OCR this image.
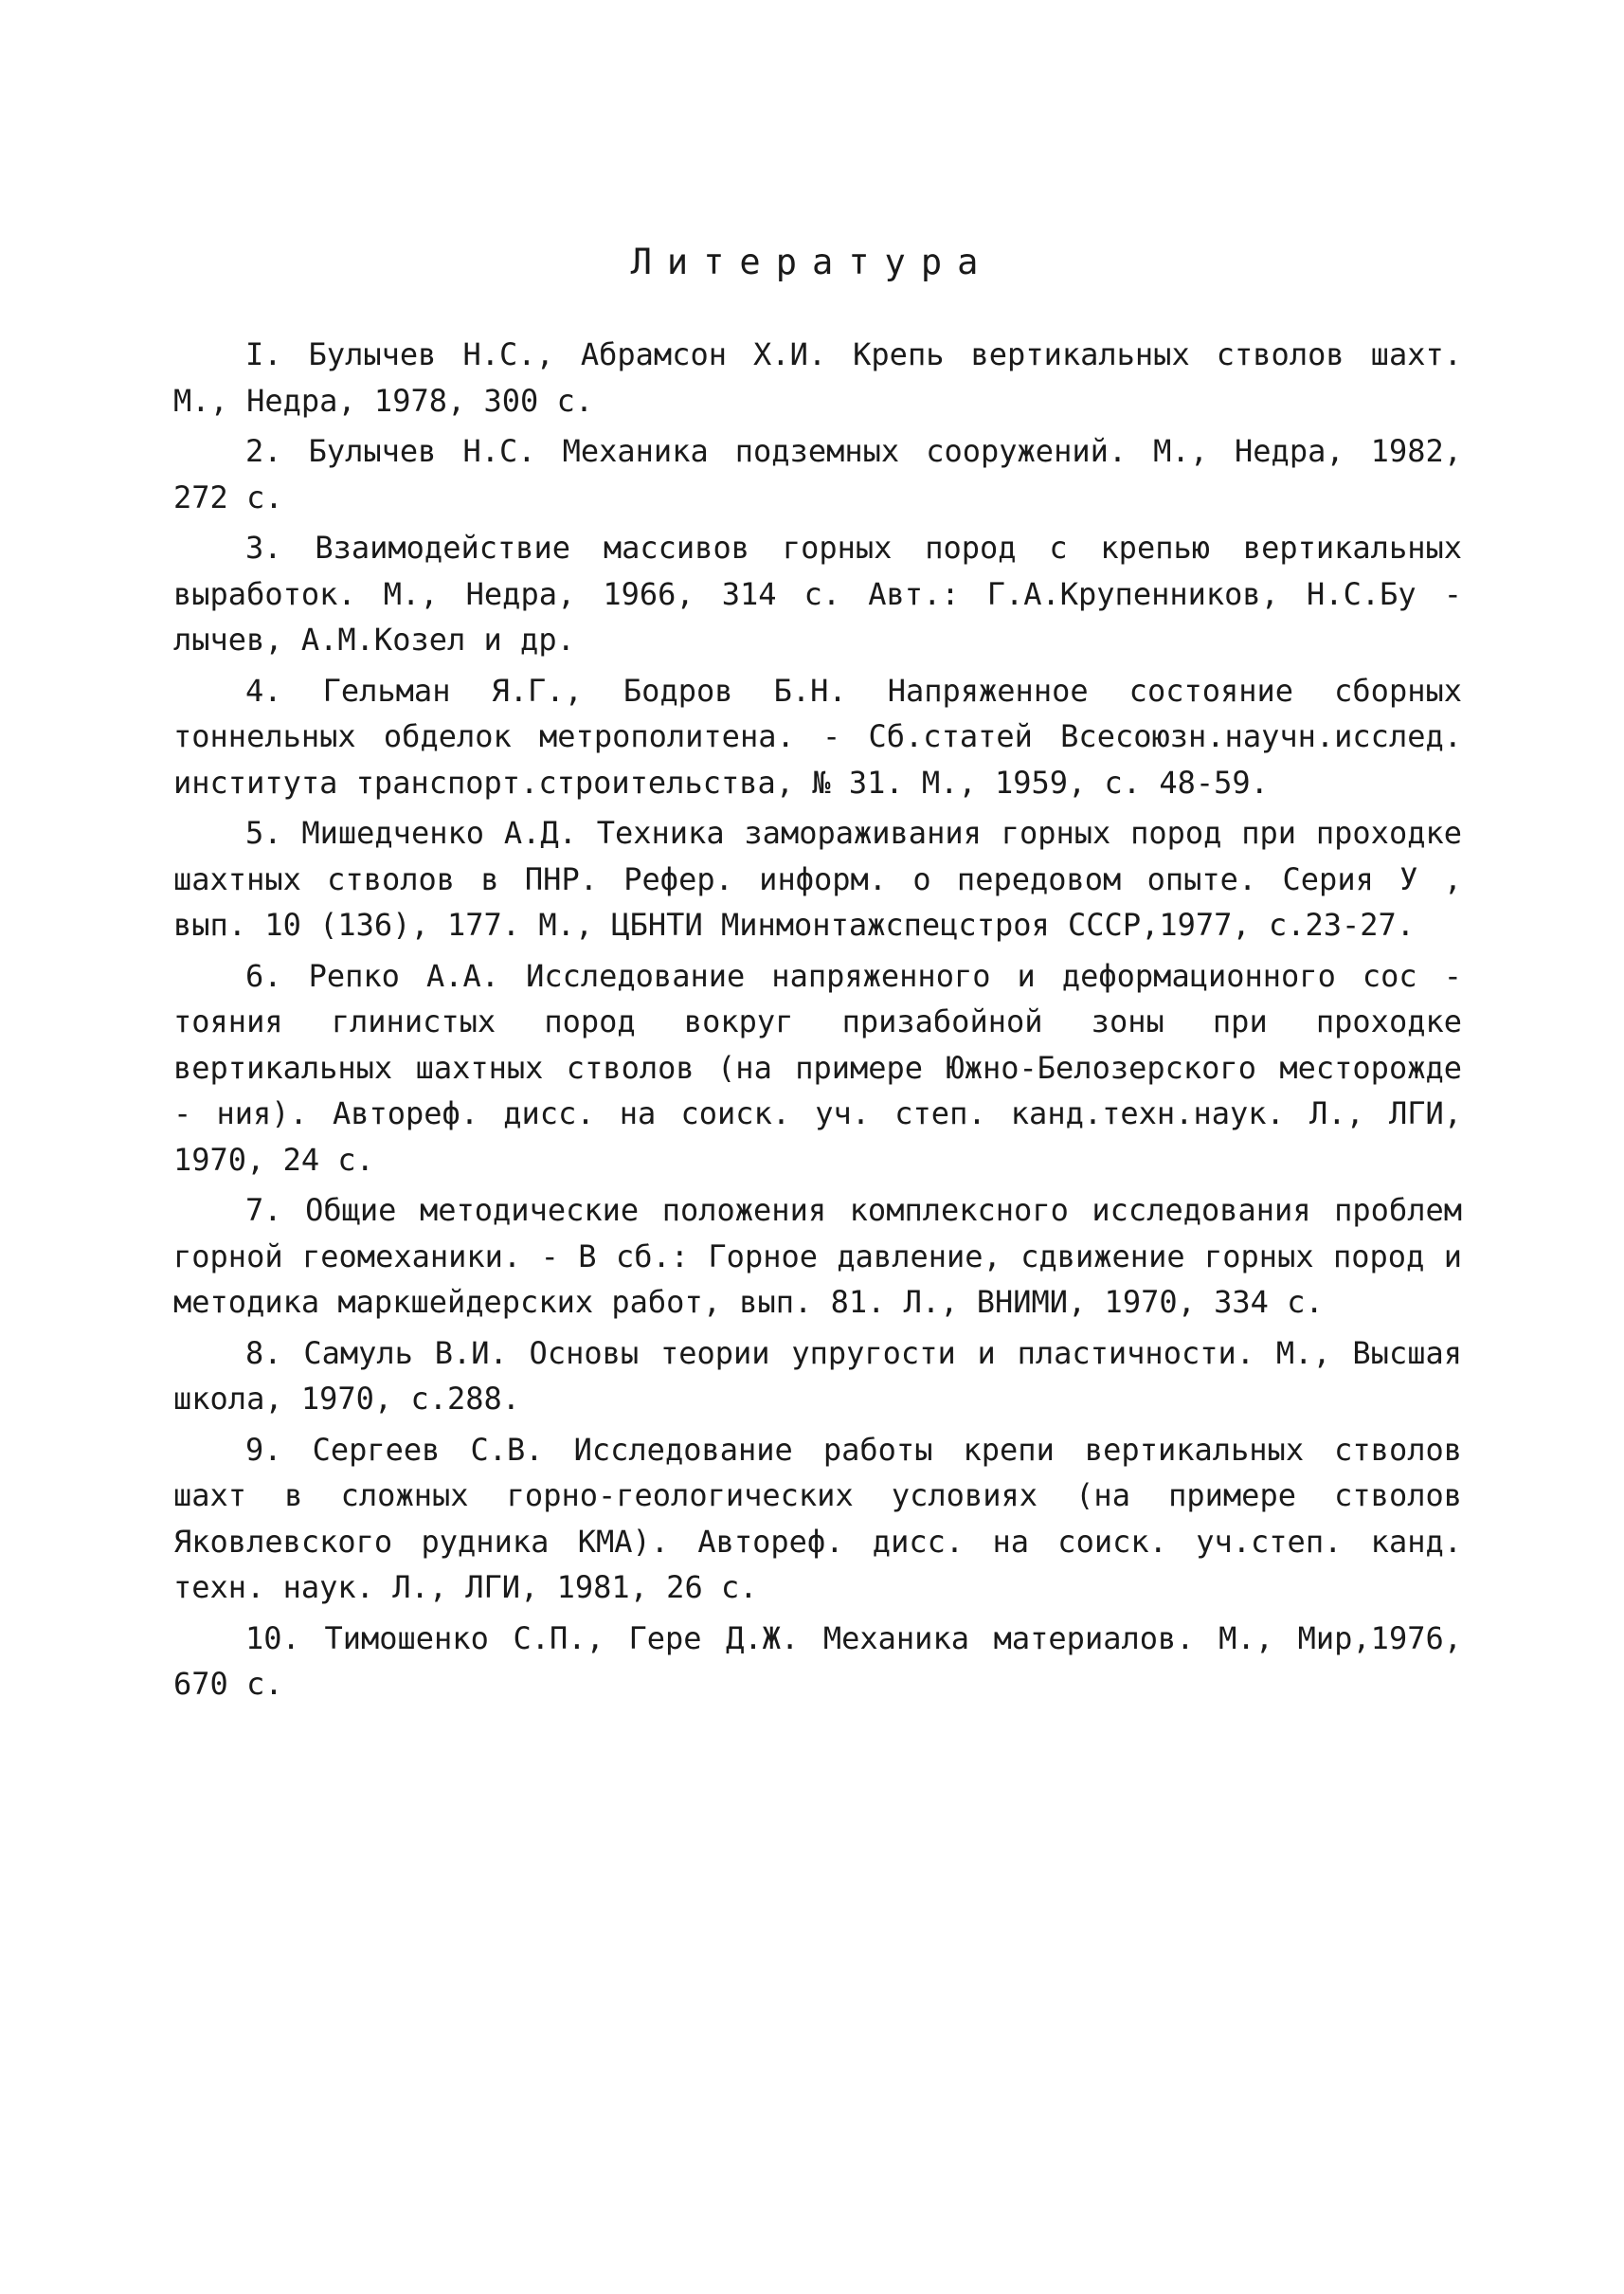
Литература
I. Булычев Н.С., Абрамсон Х.И. Крепь вертикальных стволов шахт. М., Недра, 1978, 300 с.
2. Булычев Н.С. Механика подземных сооружений. М., Недра, 1982, 272 с.
3. Взаимодействие массивов горных пород с крепью вертикальных выработок. М., Недра, 1966, 314 с. Авт.: Г.А.Крупенников, Н.С.Бу - лычев, А.М.Козел и др.
4. Гельман Я.Г., Бодров Б.Н. Напряженное состояние сборных тоннельных обделок метрополитена. - Сб.статей Всесоюзн.научн.исслед. института транспорт.строительства, № 31. М., 1959, с. 48-59.
5. Мишедченко А.Д. Техника замораживания горных пород при проходке шахтных стволов в ПНР. Рефер. информ. о передовом опыте. Серия У , вып. 10 (136), 177. М., ЦБНТИ Минмонтажспецстроя СССР,1977, с.23-27.
6. Репко А.А. Исследование напряженного и деформационного сос - тояния глинистых пород вокруг призабойной зоны при проходке вертикальных шахтных стволов (на примере Южно-Белозерского месторожде - ния). Автореф. дисс. на соиск. уч. степ. канд.техн.наук. Л., ЛГИ, 1970, 24 с.
7. Общие методические положения комплексного исследования проблем горной геомеханики. - В сб.: Горное давление, сдвижение горных пород и методика маркшейдерских работ, вып. 81. Л., ВНИМИ, 1970, 334 с.
8. Самуль В.И. Основы теории упругости и пластичности. М., Высшая школа, 1970, с.288.
9. Сергеев С.В. Исследование работы крепи вертикальных стволов шахт в сложных горно-геологических условиях (на примере стволов Яковлевского рудника КМА). Автореф. дисс. на соиск. уч.степ. канд. техн. наук. Л., ЛГИ, 1981, 26 с.
10. Тимошенко С.П., Гере Д.Ж. Механика материалов. М., Мир,1976, 670 с.
